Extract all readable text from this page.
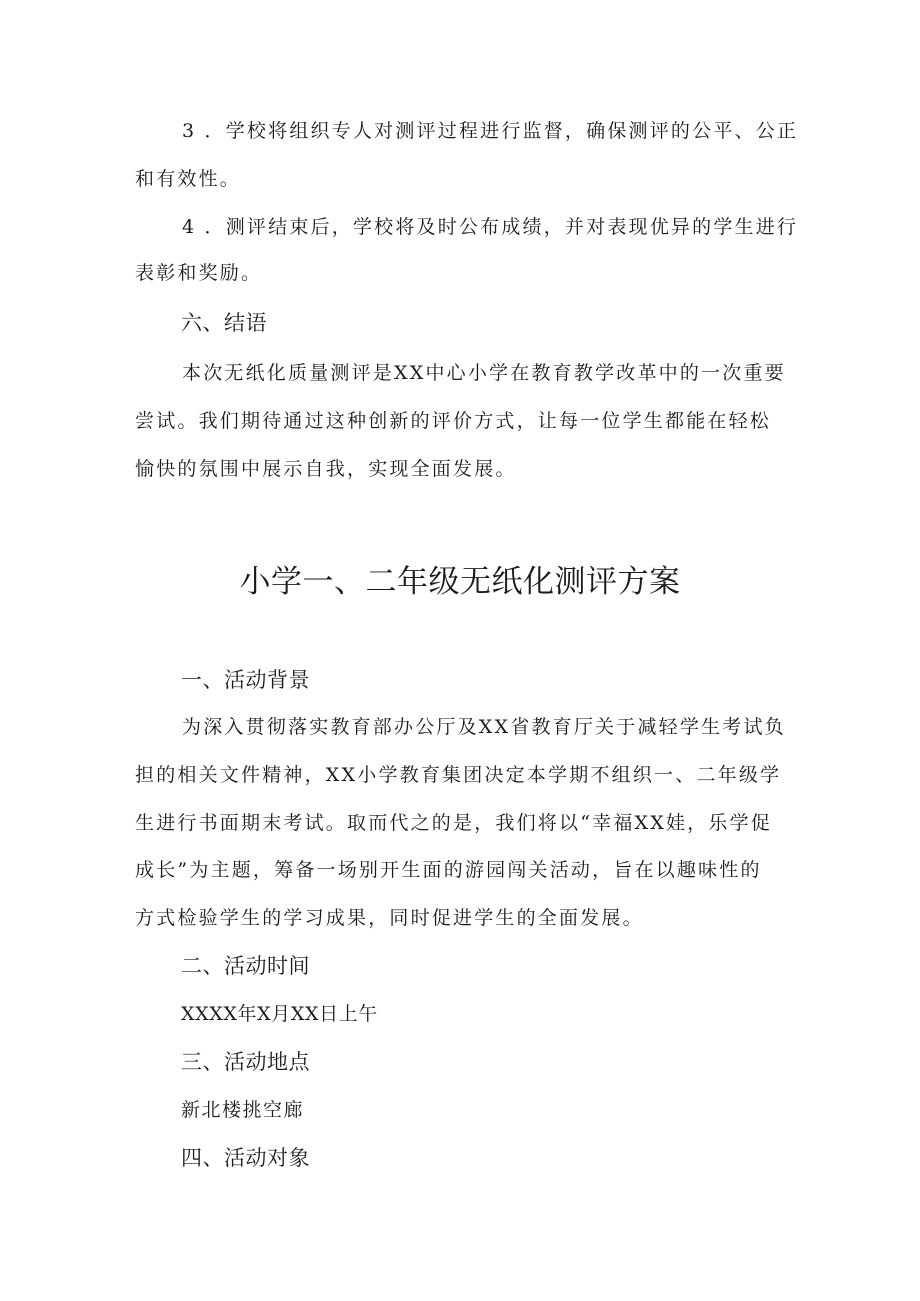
3 ．学校将组织专人对测评过程进行监督，确保测评的公平、公正

和有效性。

4 ．测评结束后，学校将及时公布成绩，并对表现优异的学生进行

表彰和奖励。

六、结语

本次无纸化质量测评是XX中心小学在教育教学改革中的一次重要

尝试。我们期待通过这种创新的评价方式，让每一位学生都能在轻松

愉快的氛围中展示自我，实现全面发展。

小学一、二年级无纸化测评方案

一、活动背景

为深入贯彻落实教育部办公厅及XX省教育厅关于减轻学生考试负

担的相关文件精神，XX小学教育集团决定本学期不组织一、二年级学

生进行书面期末考试。取而代之的是，我们将以“幸福XX娃，乐学促

成长”为主题，筹备一场别开生面的游园闯关活动，旨在以趣味性的

方式检验学生的学习成果，同时促进学生的全面发展。

二、活动时间

XXXX年X月XX日上午

三、活动地点

新北楼挑空廊

四、活动对象
